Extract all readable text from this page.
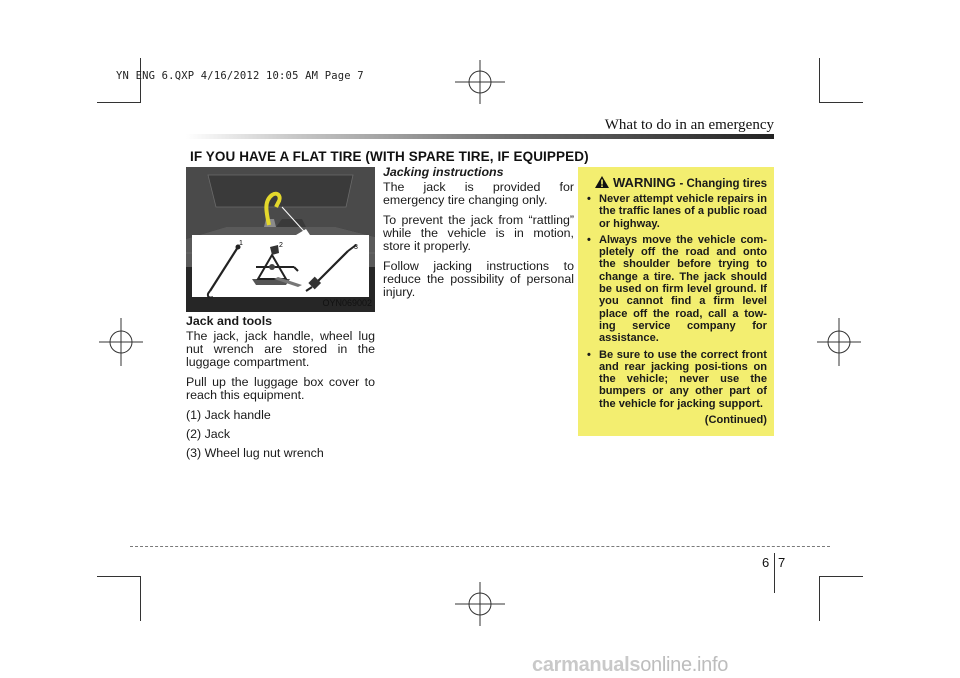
YN ENG 6.QXP 4/16/2012 10:05 AM Page 7
What to do in an emergency
IF YOU HAVE A FLAT TIRE (WITH SPARE TIRE, IF EQUIPPED)
1	2	3
OYN069002
Jack and tools

The jack, jack handle, wheel lug nut wrench are stored in the luggage compartment.

Pull up the luggage box cover to reach this equipment.

(1) Jack handle
(2) Jack
(3) Wheel lug nut wrench
Jacking instructions

The jack is provided for emergency tire changing only.

To prevent the jack from “rattling” while the vehicle is in motion, store it properly.

Follow jacking instructions to reduce the possibility of personal injury.

WARNING - Changing tires
• Never attempt vehicle repairs in the traffic lanes of a public road or highway.
• Always move the vehicle com-pletely off the road and onto the shoulder before trying to change a tire. The jack should be used on firm level ground. If you cannot find a firm level place off the road, call a tow-ing service company for assistance.
• Be sure to use the correct front and rear jacking posi-tions on the vehicle; never use the bumpers or any other part of the vehicle for jacking support.
(Continued)
6 7
carmanualsonline.info
